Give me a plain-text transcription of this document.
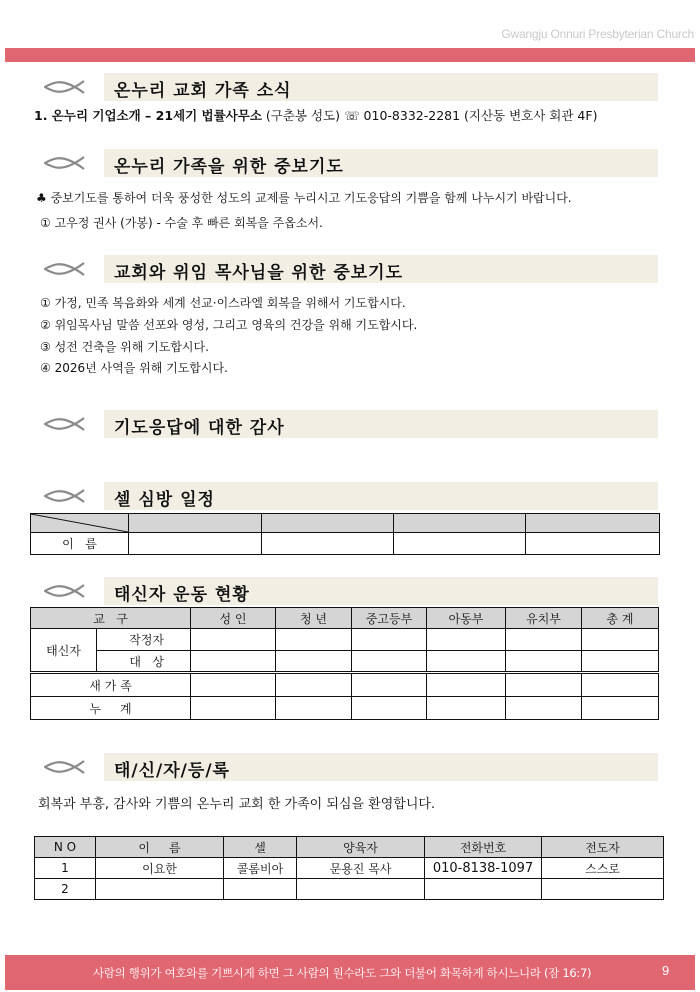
Gwangju Onnuri Presbyterian Church
온누리 교회 가족 소식
1. 온누리 기업소개 – 21세기 법률사무소 (구춘봉 성도) ☏ 010-8332-2281 (지산동 변호사 회관 4F)
온누리 가족을 위한 중보기도
♣ 중보기도를 통하여 더욱 풍성한 성도의 교제를 누리시고 기도응답의 기쁨을 함께 나누시기 바랍니다.
① 고우정 권사 (가봉) - 수술 후 빠른 회복을 주옵소서.
교회와 위임 목사님을 위한 중보기도
① 가정, 민족 복음화와 세계 선교·이스라엘 회복을 위해서 기도합시다.
② 위임목사님 말씀 선포와 영성, 그리고 영육의 건강을 위해 기도합시다.
③ 성전 건축을 위해 기도합시다.
④ 2026년 사역을 위해 기도합시다.
기도응답에 대한 감사
셀 심방 일정

이   름				
태신자 운동 현황
교   구		성 인	청 년	중고등부	아동부	유치부	총 계
태신자	작정자						
	대   상						
새 가 족							
누     계							
태/신/자/등/록
회복과 부흥, 감사와 기쁨의 온누리 교회 한 가족이 되심을 환영합니다.
N O	이     름	셀	양육자	전화번호	전도자
1	이요한	콜롬비아	문용진 목사	010-8138-1097	스스로
2					
사람의 행위가 여호와를 기쁘시게 하면 그 사람의 원수라도 그와 더불어 화목하게 하시느니라 (잠 16:7)	9
